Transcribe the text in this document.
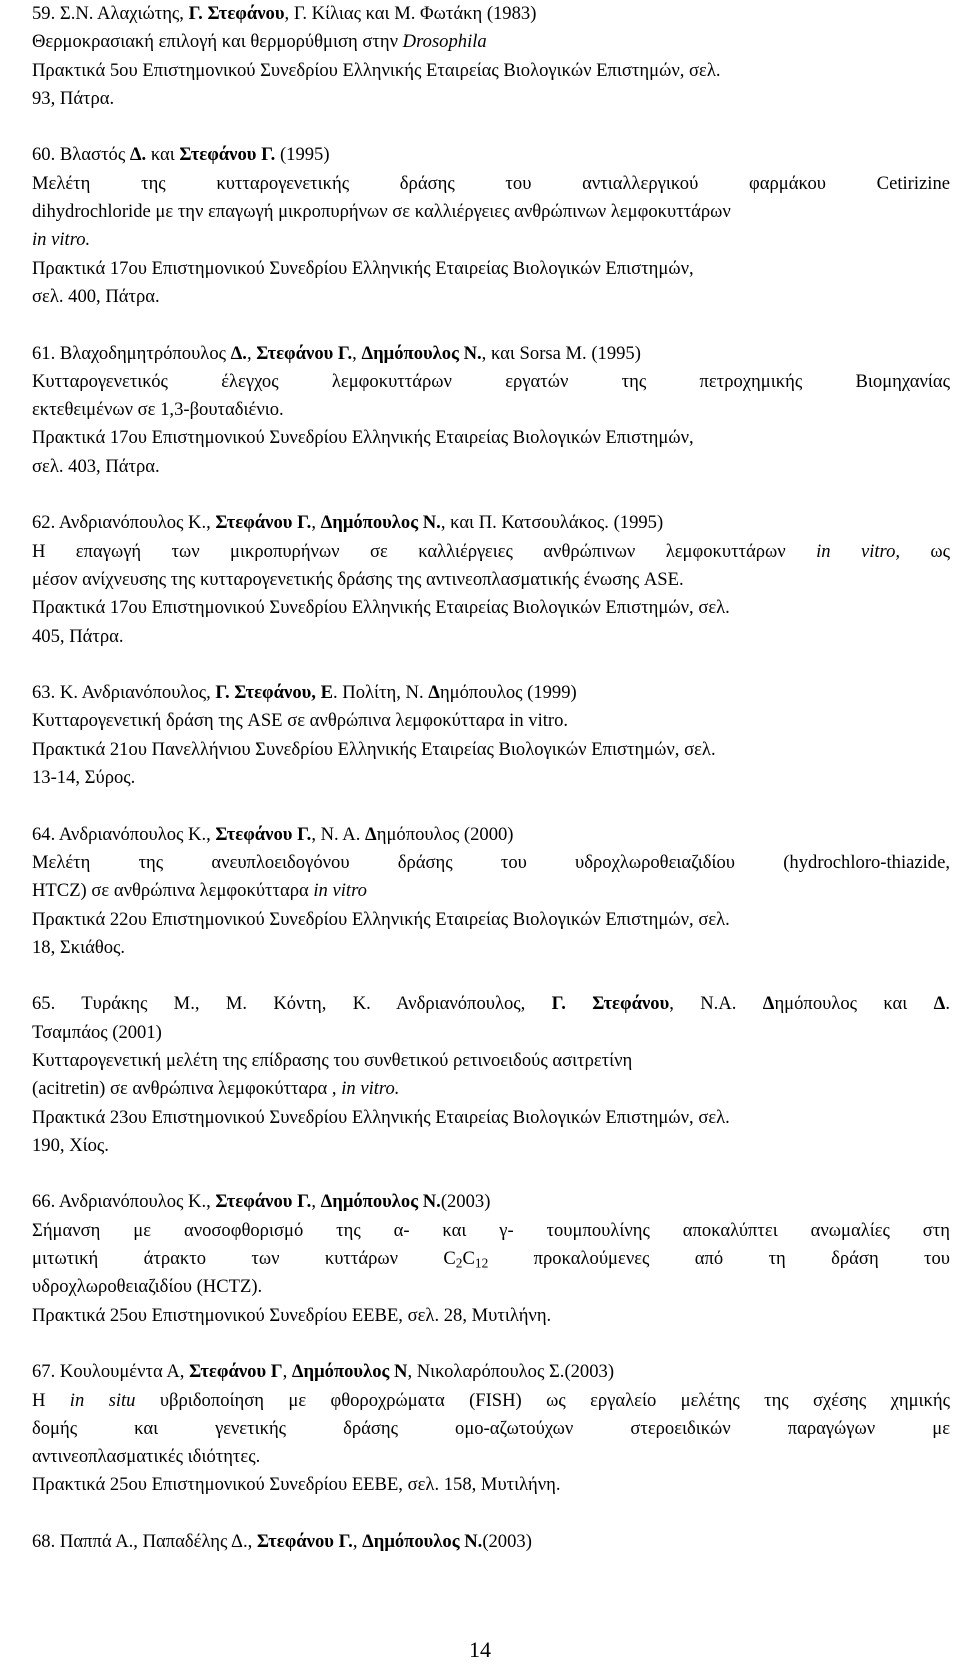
59. Σ.Ν. Αλαχιώτης, Γ. Στεφάνου, Γ. Κίλιας και Μ. Φωτάκη (1983)
Θερμοκρασιακή επιλογή και θερμορύθμιση στην Drosophila
Πρακτικά 5ου Επιστημονικού Συνεδρίου Ελληνικής Εταιρείας Βιολογικών Επιστημών, σελ.
93, Πάτρα.
60. Βλαστός Δ. και Στεφάνου Γ. (1995)
Μελέτη της κυτταρογενετικής δράσης του αντιαλλεργικού φαρμάκου Cetirizine
dihydrochloride με την επαγωγή μικροπυρήνων σε καλλιέργειες ανθρώπινων λεμφοκυττάρων
in vitro.
Πρακτικά 17ου Επιστημονικού Συνεδρίου Ελληνικής Εταιρείας Βιολογικών Επιστημών,
σελ. 400, Πάτρα.
61. Βλαχοδημητρόπουλος Δ., Στεφάνου Γ., Δημόπουλος Ν., και Sorsa M. (1995)
Κυτταρογενετικός έλεγχος λεμφοκυττάρων εργατών της πετροχημικής Βιομηχανίας
εκτεθειμένων σε 1,3-βουταδιένιο.
Πρακτικά 17ου Επιστημονικού Συνεδρίου Ελληνικής Εταιρείας Βιολογικών Επιστημών,
σελ. 403, Πάτρα.
62. Ανδριανόπουλος Κ., Στεφάνου Γ., Δημόπουλος Ν., και Π. Κατσουλάκος. (1995)
Η επαγωγή των μικροπυρήνων σε καλλιέργειες ανθρώπινων λεμφοκυττάρων in vitro, ως
μέσον ανίχνευσης της κυτταρογενετικής δράσης της αντινεοπλασματικής ένωσης ASE.
Πρακτικά 17ου Επιστημονικού Συνεδρίου Ελληνικής Εταιρείας Βιολογικών Επιστημών, σελ.
405, Πάτρα.
63. Κ. Ανδριανόπουλος, Γ. Στεφάνου, Ε. Πολίτη, Ν. Δημόπουλος (1999)
Κυτταρογενετική δράση της ASE σε ανθρώπινα λεμφοκύτταρα in vitro.
Πρακτικά 21ου Πανελλήνιου Συνεδρίου Ελληνικής Εταιρείας Βιολογικών Επιστημών, σελ.
13-14, Σύρος.
64. Ανδριανόπουλος Κ., Στεφάνου Γ., Ν. Α. Δημόπουλος (2000)
Μελέτη της ανευπλοειδογόνου δράσης του υδροχλωροθειαζιδίου (hydrochloro-thiazide,
HTCZ) σε ανθρώπινα λεμφοκύτταρα in vitro
Πρακτικά 22ου Επιστημονικού Συνεδρίου Ελληνικής Εταιρείας Βιολογικών Επιστημών, σελ.
18, Σκιάθος.
65. Τυράκης Μ., Μ. Κόντη, Κ. Ανδριανόπουλος, Γ. Στεφάνου, Ν.Α. Δημόπουλος και Δ.
Τσαμπάος (2001)
Κυτταρογενετική μελέτη της επίδρασης του συνθετικού ρετινοειδούς ασιτρετίνη
(acitretin) σε ανθρώπινα λεμφοκύτταρα , in vitro.
Πρακτικά 23ου Επιστημονικού Συνεδρίου Ελληνικής Εταιρείας Βιολογικών Επιστημών, σελ.
190, Χίος.
66. Ανδριανόπουλος Κ., Στεφάνου Γ., Δημόπουλος Ν.(2003)
Σήμανση με ανοσοφθορισμό της α- και γ- τουμπουλίνης αποκαλύπτει ανωμαλίες στη
μιτωτική άτρακτο των κυττάρων $C_2C_{12}$ προκαλούμενες από τη δράση του
υδροχλωροθειαζιδίου (HCTZ).
Πρακτικά 25ου Επιστημονικού Συνεδρίου ΕΕΒΕ, σελ. 28, Μυτιλήνη.
67. Κουλουμέντα Α, Στεφάνου Γ, Δημόπουλος Ν, Νικολαρόπουλος Σ.(2003)
Η in situ υβριδοποίηση με φθοροχρώματα (FISH) ως εργαλείο μελέτης της σχέσης χημικής
δομής και γενετικής δράσης ομο-αζωτούχων στεροειδικών παραγώγων με
αντινεοπλασματικές ιδιότητες.
Πρακτικά 25ου Επιστημονικού Συνεδρίου ΕΕΒΕ, σελ. 158, Μυτιλήνη.
68. Παππά Α., Παπαδέλης Δ., Στεφάνου Γ., Δημόπουλος Ν.(2003)
14
